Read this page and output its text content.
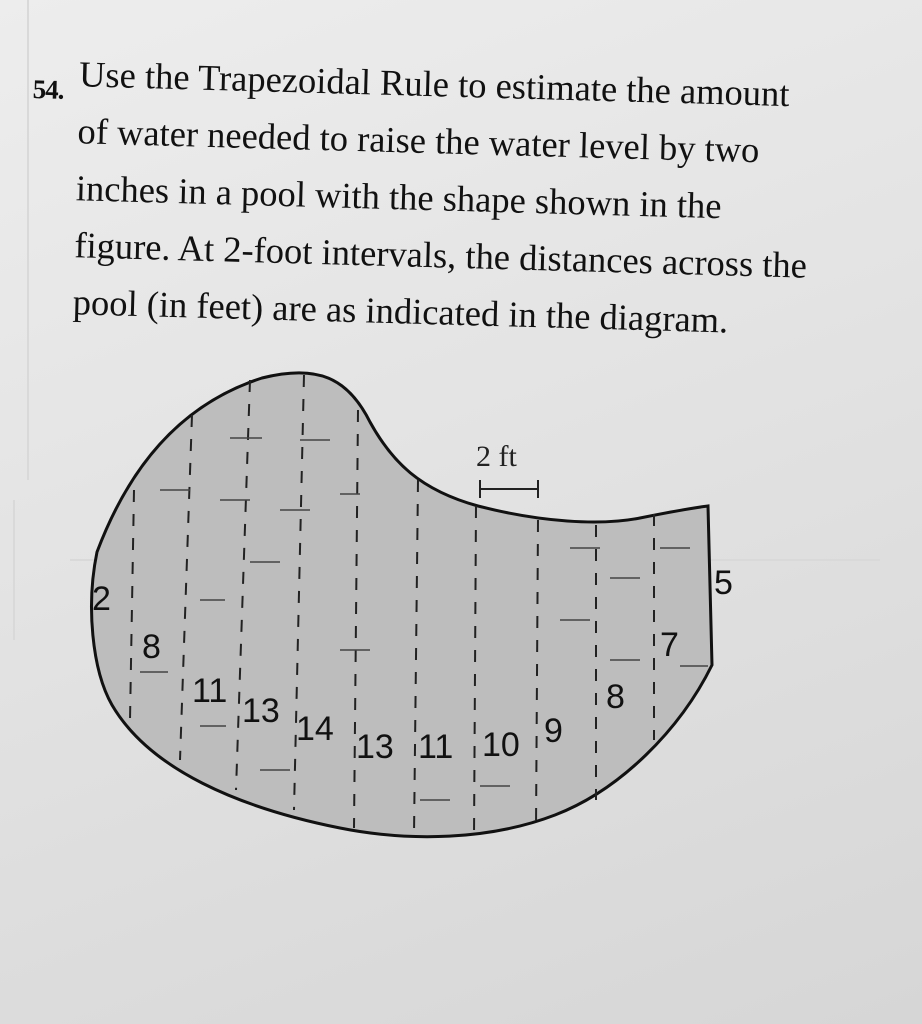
54. Use the Trapezoidal Rule to estimate the amount
of water needed to raise the water level by two
inches in a pool with the shape shown in the
figure. At 2-foot intervals, the distances across the
pool (in feet) are as indicated in the diagram.

2 ft
2
8
11
13 14 13 11 10 9
8
7
5
